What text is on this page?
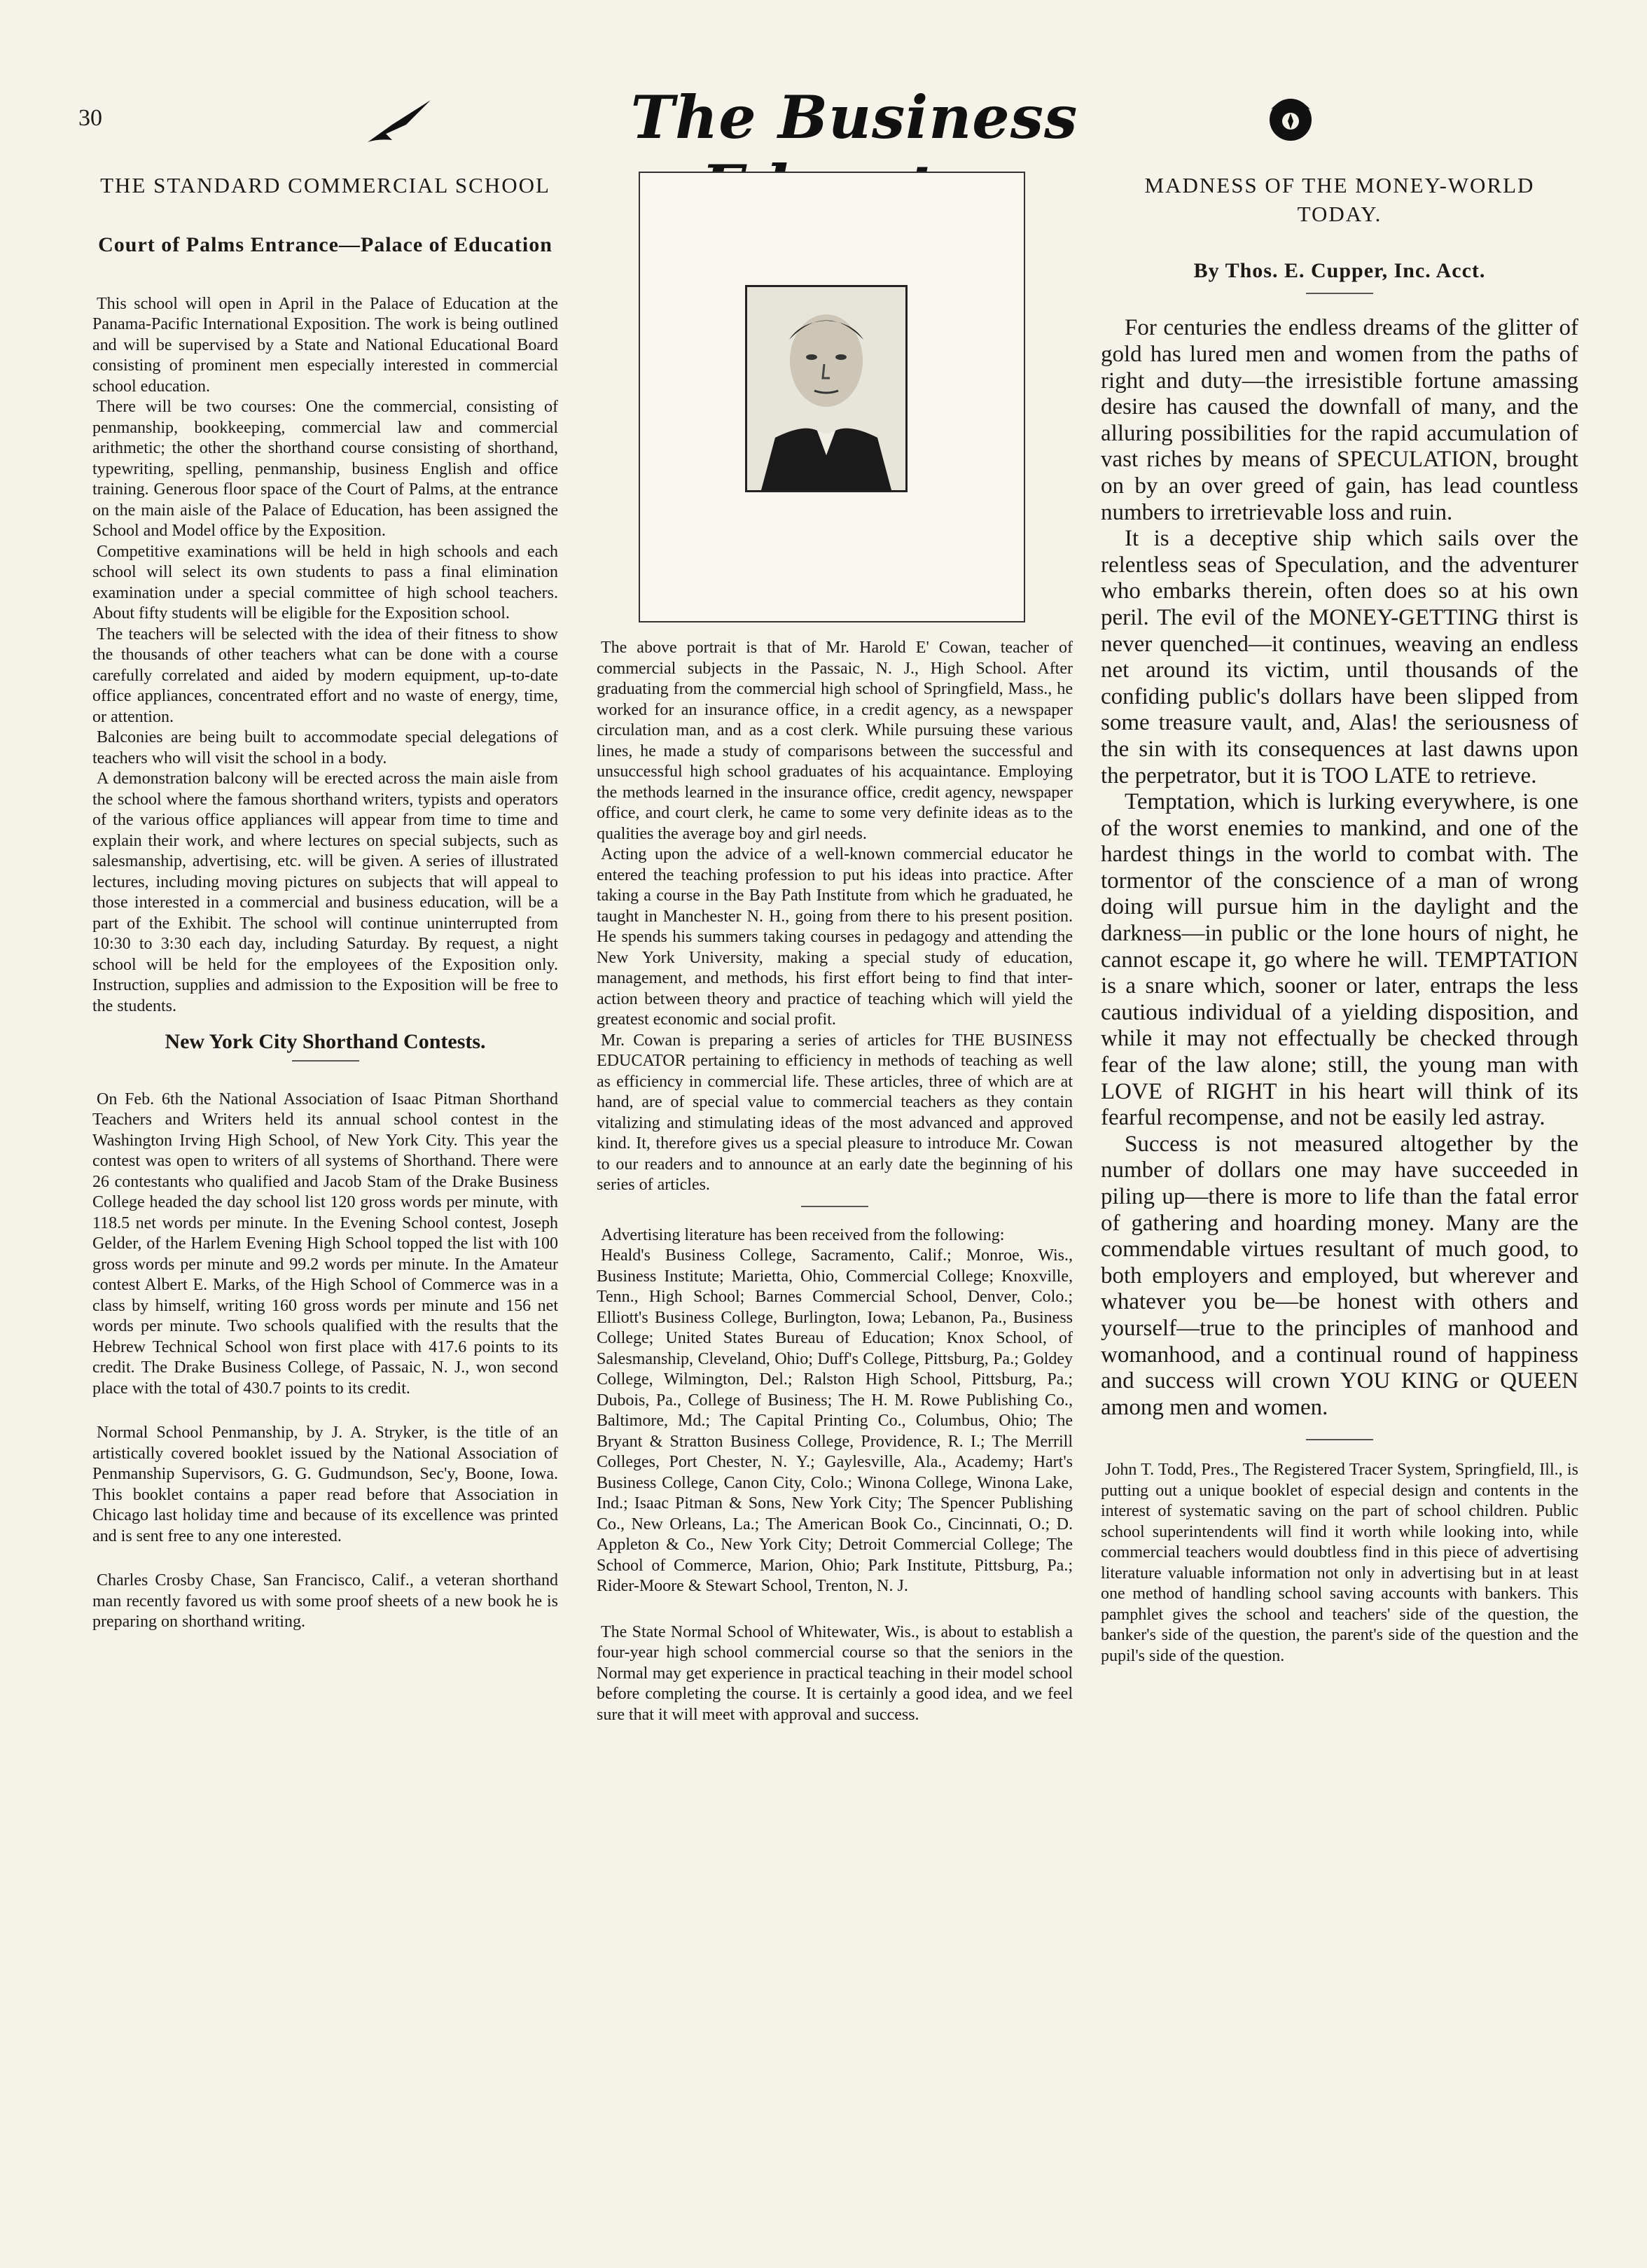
30	The Business
THE STANDARD COMMERCIAL SCHOOL
Court of Palms Entrance—Palace of Education

This school will open in April in the Palace of Education at the Panama-Pacific International Exposition. The work is being outlined and will be supervised by a State and National Educational Board consisting of prominent men especially interested in commercial school education.

There will be two courses: One the commercial, consisting of penmanship, bookkeeping, commercial law and commercial arithmetic; the other the shorthand course consisting of shorthand, typewriting, spelling, penmanship, business English and office training. Generous floor space of the Court of Palms, at the entrance on the main aisle of the Palace of Education, has been assigned the School and Model office by the Exposition.

Competitive examinations will be held in high schools and each school will select its own students to pass a final elimination examination under a special committee of high school teachers. About fifty students will be eligible for the Exposition school.

The teachers will be selected with the idea of their fitness to show the thousands of other teachers what can be done with a course carefully correlated and aided by modern equipment, up-to-date office appliances, concentrated effort and no waste of energy, time, or attention.

Balconies are being built to accommodate special delegations of teachers who will visit the school in a body.

A demonstration balcony will be erected across the main aisle from the school where the famous shorthand writers, typists and operators of the various office appliances will appear from time to time and explain their work, and where lectures on special subjects, such as salesmanship, advertising, etc. will be given. A series of illustrated lectures, including moving pictures on subjects that will appeal to those interested in a commercial and business education, will be a part of the Exhibit. The school will continue uninterrupted from 10:30 to 3:30 each day, including Saturday. By request, a night school will be held for the employees of the Exposition only. Instruction, supplies and admission to the Exposition will be free to the students.

New York City Shorthand Contests.

On Feb. 6th the National Association of Isaac Pitman Shorthand Teachers and Writers held its annual school contest in the Washington Irving High School, of New York City. This year the contest was open to writers of all systems of Shorthand. There were 26 contestants who qualified and Jacob Stam of the Drake Business College headed the day school list 120 gross words per minute, with 118.5 net words per minute. In the Evening School contest, Joseph Gelder, of the Harlem Evening High School topped the list with 100 gross words per minute and 99.2 words per minute. In the Amateur contest Albert E. Marks, of the High School of Commerce was in a class by himself, writing 160 gross words per minute and 156 net words per minute. Two schools qualified with the results that the Hebrew Technical School won first place with 417.6 points to its credit. The Drake Business College, of Passaic, N. J., won second place with the total of 430.7 points to its credit.

Normal School Penmanship, by J. A. Stryker, is the title of an artistically covered booklet issued by the National Association of Penmanship Supervisors, G. G. Gudmundson, Sec'y, Boone, Iowa. This booklet contains a paper read before that Association in Chicago last holiday time and because of its excellence was printed and is sent free to any one interested.

Charles Crosby Chase, San Francisco, Calif., a veteran shorthand man recently favored us with some proof sheets of a new book he is preparing on shorthand writing.

The above portrait is that of Mr. Harold E' Cowan, teacher of commercial subjects in the Passaic, N. J., High School. After graduating from the commercial high school of Springfield, Mass., he worked for an insurance office, in a credit agency, as a newspaper circulation man, and as a cost clerk. While pursuing these various lines, he made a study of comparisons between the successful and unsuccessful high school graduates of his acquaintance. Employing the methods learned in the insurance office, credit agency, newspaper office, and court clerk, he came to some very definite ideas as to the qualities the average boy and girl needs.

Acting upon the advice of a well-known commercial educator he entered the teaching profession to put his ideas into practice. After taking a course in the Bay Path Institute from which he graduated, he taught in Manchester N. H., going from there to his present position. He spends his summers taking courses in pedagogy and attending the New York University, making a special study of education, management, and methods, his first effort being to find that inter-action between theory and practice of teaching which will yield the greatest economic and social profit.

Mr. Cowan is preparing a series of articles for THE BUSINESS EDUCATOR pertaining to efficiency in methods of teaching as well as efficiency in commercial life. These articles, three of which are at hand, are of special value to commercial teachers as they contain vitalizing and stimulating ideas of the most advanced and approved kind. It, therefore gives us a special pleasure to introduce Mr. Cowan to our readers and to announce at an early date the beginning of his series of articles.

Advertising literature has been received from the following:

Heald's Business College, Sacramento, Calif.; Monroe, Wis., Business Institute; Marietta, Ohio, Commercial College; Knoxville, Tenn., High School; Barnes Commercial School, Denver, Colo.; Elliott's Business College, Burlington, Iowa; Lebanon, Pa., Business College; United States Bureau of Education; Knox School, of Salesmanship, Cleveland, Ohio; Duff's College, Pittsburg, Pa.; Goldey College, Wilmington, Del.; Ralston High School, Pittsburg, Pa.; Dubois, Pa., College of Business; The H. M. Rowe Publishing Co., Baltimore, Md.; The Capital Printing Co., Columbus, Ohio; The Bryant & Stratton Business College, Providence, R. I.; The Merrill Colleges, Port Chester, N. Y.; Gaylesville, Ala., Academy; Hart's Business College, Canon City, Colo.; Winona College, Winona Lake, Ind.; Isaac Pitman & Sons, New York City; The Spencer Publishing Co., New Orleans, La.; The American Book Co., Cincinnati, O.; D. Appleton & Co., New York City; Detroit Commercial College; The School of Commerce, Marion, Ohio; Park Institute, Pittsburg, Pa.; Rider-Moore & Stewart School, Trenton, N. J.

The State Normal School of Whitewater, Wis., is about to establish a four-year high school commercial course so that the seniors in the Normal may get experience in practical teaching in their model school before completing the course. It is certainly a good idea, and we feel sure that it will meet with approval and success.

MADNESS OF THE MONEY-WORLD TODAY.
By Thos. E. Cupper, Inc. Acct.

For centuries the endless dreams of the glitter of gold has lured men and women from the paths of right and duty—the irresistible fortune amassing desire has caused the downfall of many, and the alluring possibilities for the rapid accumulation of vast riches by means of SPECULATION, brought on by an over greed of gain, has lead countless numbers to irretrievable loss and ruin.

It is a deceptive ship which sails over the relentless seas of Speculation, and the adventurer who embarks therein, often does so at his own peril. The evil of the MONEY-GETTING thirst is never quenched—it continues, weaving an endless net around its victim, until thousands of the confiding public's dollars have been slipped from some treasure vault, and, Alas! the seriousness of the sin with its consequences at last dawns upon the perpetrator, but it is TOO LATE to retrieve.

Temptation, which is lurking everywhere, is one of the worst enemies to mankind, and one of the hardest things in the world to combat with. The tormentor of the conscience of a man of wrong doing will pursue him in the daylight and the darkness—in public or the lone hours of night, he cannot escape it, go where he will. TEMPTATION is a snare which, sooner or later, entraps the less cautious individual of a yielding disposition, and while it may not effectually be checked through fear of the law alone; still, the young man with LOVE of RIGHT in his heart will think of its fearful recompense, and not be easily led astray.

Success is not measured altogether by the number of dollars one may have succeeded in piling up—there is more to life than the fatal error of gathering and hoarding money. Many are the commendable virtues resultant of much good, to both employers and employed, but wherever and whatever you be—be honest with others and yourself—true to the principles of manhood and womanhood, and a continual round of happiness and success will crown YOU KING or QUEEN among men and women.

John T. Todd, Pres., The Registered Tracer System, Springfield, Ill., is putting out a unique booklet of especial design and contents in the interest of systematic saving on the part of school children. Public school superintendents will find it worth while looking into, while commercial teachers would doubtless find in this piece of advertising literature valuable information not only in advertising but in at least one method of handling school saving accounts with bankers. This pamphlet gives the school and teachers' side of the question, the banker's side of the question, the parent's side of the question and the pupil's side of the question.
